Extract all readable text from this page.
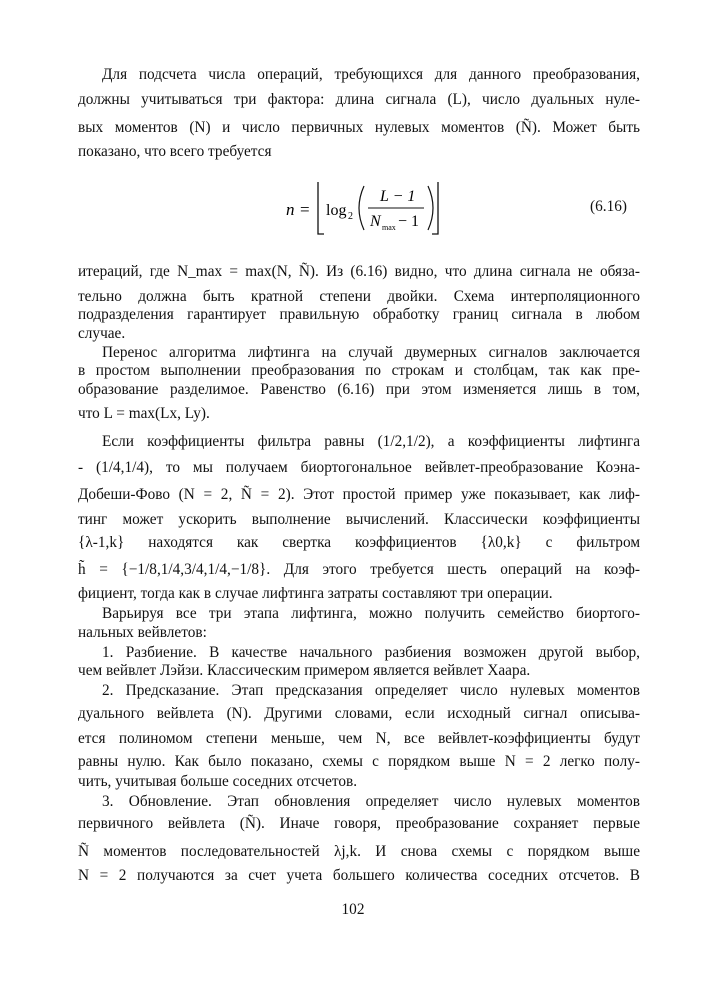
Для подсчета числа операций, требующихся для данного преобразования,
должны учитываться три фактора: длина сигнала (L), число дуальных нуле-
вых моментов (N) и число первичных нулевых моментов (Ñ). Может быть
показано, что всего требуется
n = log 2
L − 1
N max − 1
(6.16)
итераций, где N_max = max(N, Ñ). Из (6.16) видно, что длина сигнала не обяза-
тельно должна быть кратной степени двойки. Схема интерполяционного
подразделения гарантирует правильную обработку границ сигнала в любом
случае.
Перенос алгоритма лифтинга на случай двумерных сигналов заключается
в простом выполнении преобразования по строкам и столбцам, так как пре-
образование разделимое. Равенство (6.16) при этом изменяется лишь в том,
что L = max(Lx, Ly).
Если коэффициенты фильтра равны (1/2,1/2), а коэффициенты лифтинга
- (1/4,1/4), то мы получаем биортогональное вейвлет-преобразование Коэна-
Добеши-Фово (N = 2, Ñ = 2). Этот простой пример уже показывает, как лиф-
тинг может ускорить выполнение вычислений. Классически коэффициенты
{λ-1,k} находятся как свертка коэффициентов {λ0,k} с фильтром
h̃ = {−1/8,1/4,3/4,1/4,−1/8}. Для этого требуется шесть операций на коэф-
фициент, тогда как в случае лифтинга затраты составляют три операции.
Варьируя все три этапа лифтинга, можно получить семейство биортого-
нальных вейвлетов:
1. Разбиение. В качестве начального разбиения возможен другой выбор,
чем вейвлет Лэйзи. Классическим примером является вейвлет Хаара.
2. Предсказание. Этап предсказания определяет число нулевых моментов
дуального вейвлета (N). Другими словами, если исходный сигнал описыва-
ется полиномом степени меньше, чем N, все вейвлет-коэффициенты будут
равны нулю. Как было показано, схемы с порядком выше N = 2 легко полу-
чить, учитывая больше соседних отсчетов.
3. Обновление. Этап обновления определяет число нулевых моментов
первичного вейвлета (Ñ). Иначе говоря, преобразование сохраняет первые
Ñ моментов последовательностей λj,k. И снова схемы с порядком выше
N = 2 получаются за счет учета большего количества соседних отсчетов. В
102
